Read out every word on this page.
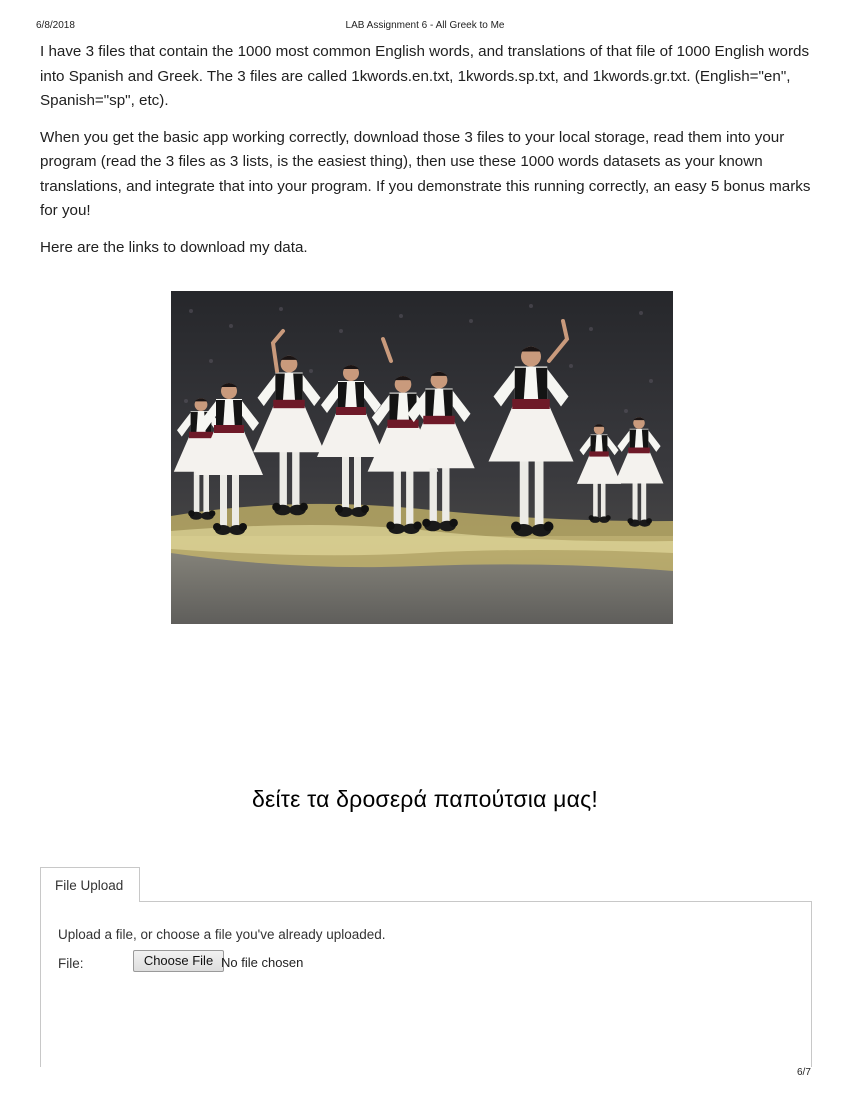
6/8/2018	LAB Assignment 6 - All Greek to Me

I have 3 files that contain the 1000 most common English words, and translations of that file of 1000 English words into Spanish and Greek. The 3 files are called 1kwords.en.txt, 1kwords.sp.txt, and 1kwords.gr.txt. (English="en", Spanish="sp", etc).

When you get the basic app working correctly, download those 3 files to your local storage, read them into your program (read the 3 files as 3 lists, is the easiest thing), then use these 1000 words datasets as your known translations, and integrate that into your program. If you demonstrate this running correctly, an easy 5 bonus marks for you!

Here are the links to download my data.

δείτε τα δροσερά παπούτσια μας!
File Upload
Upload a file, or choose a file you've already uploaded.
File:	Choose File No file chosen
6/7
